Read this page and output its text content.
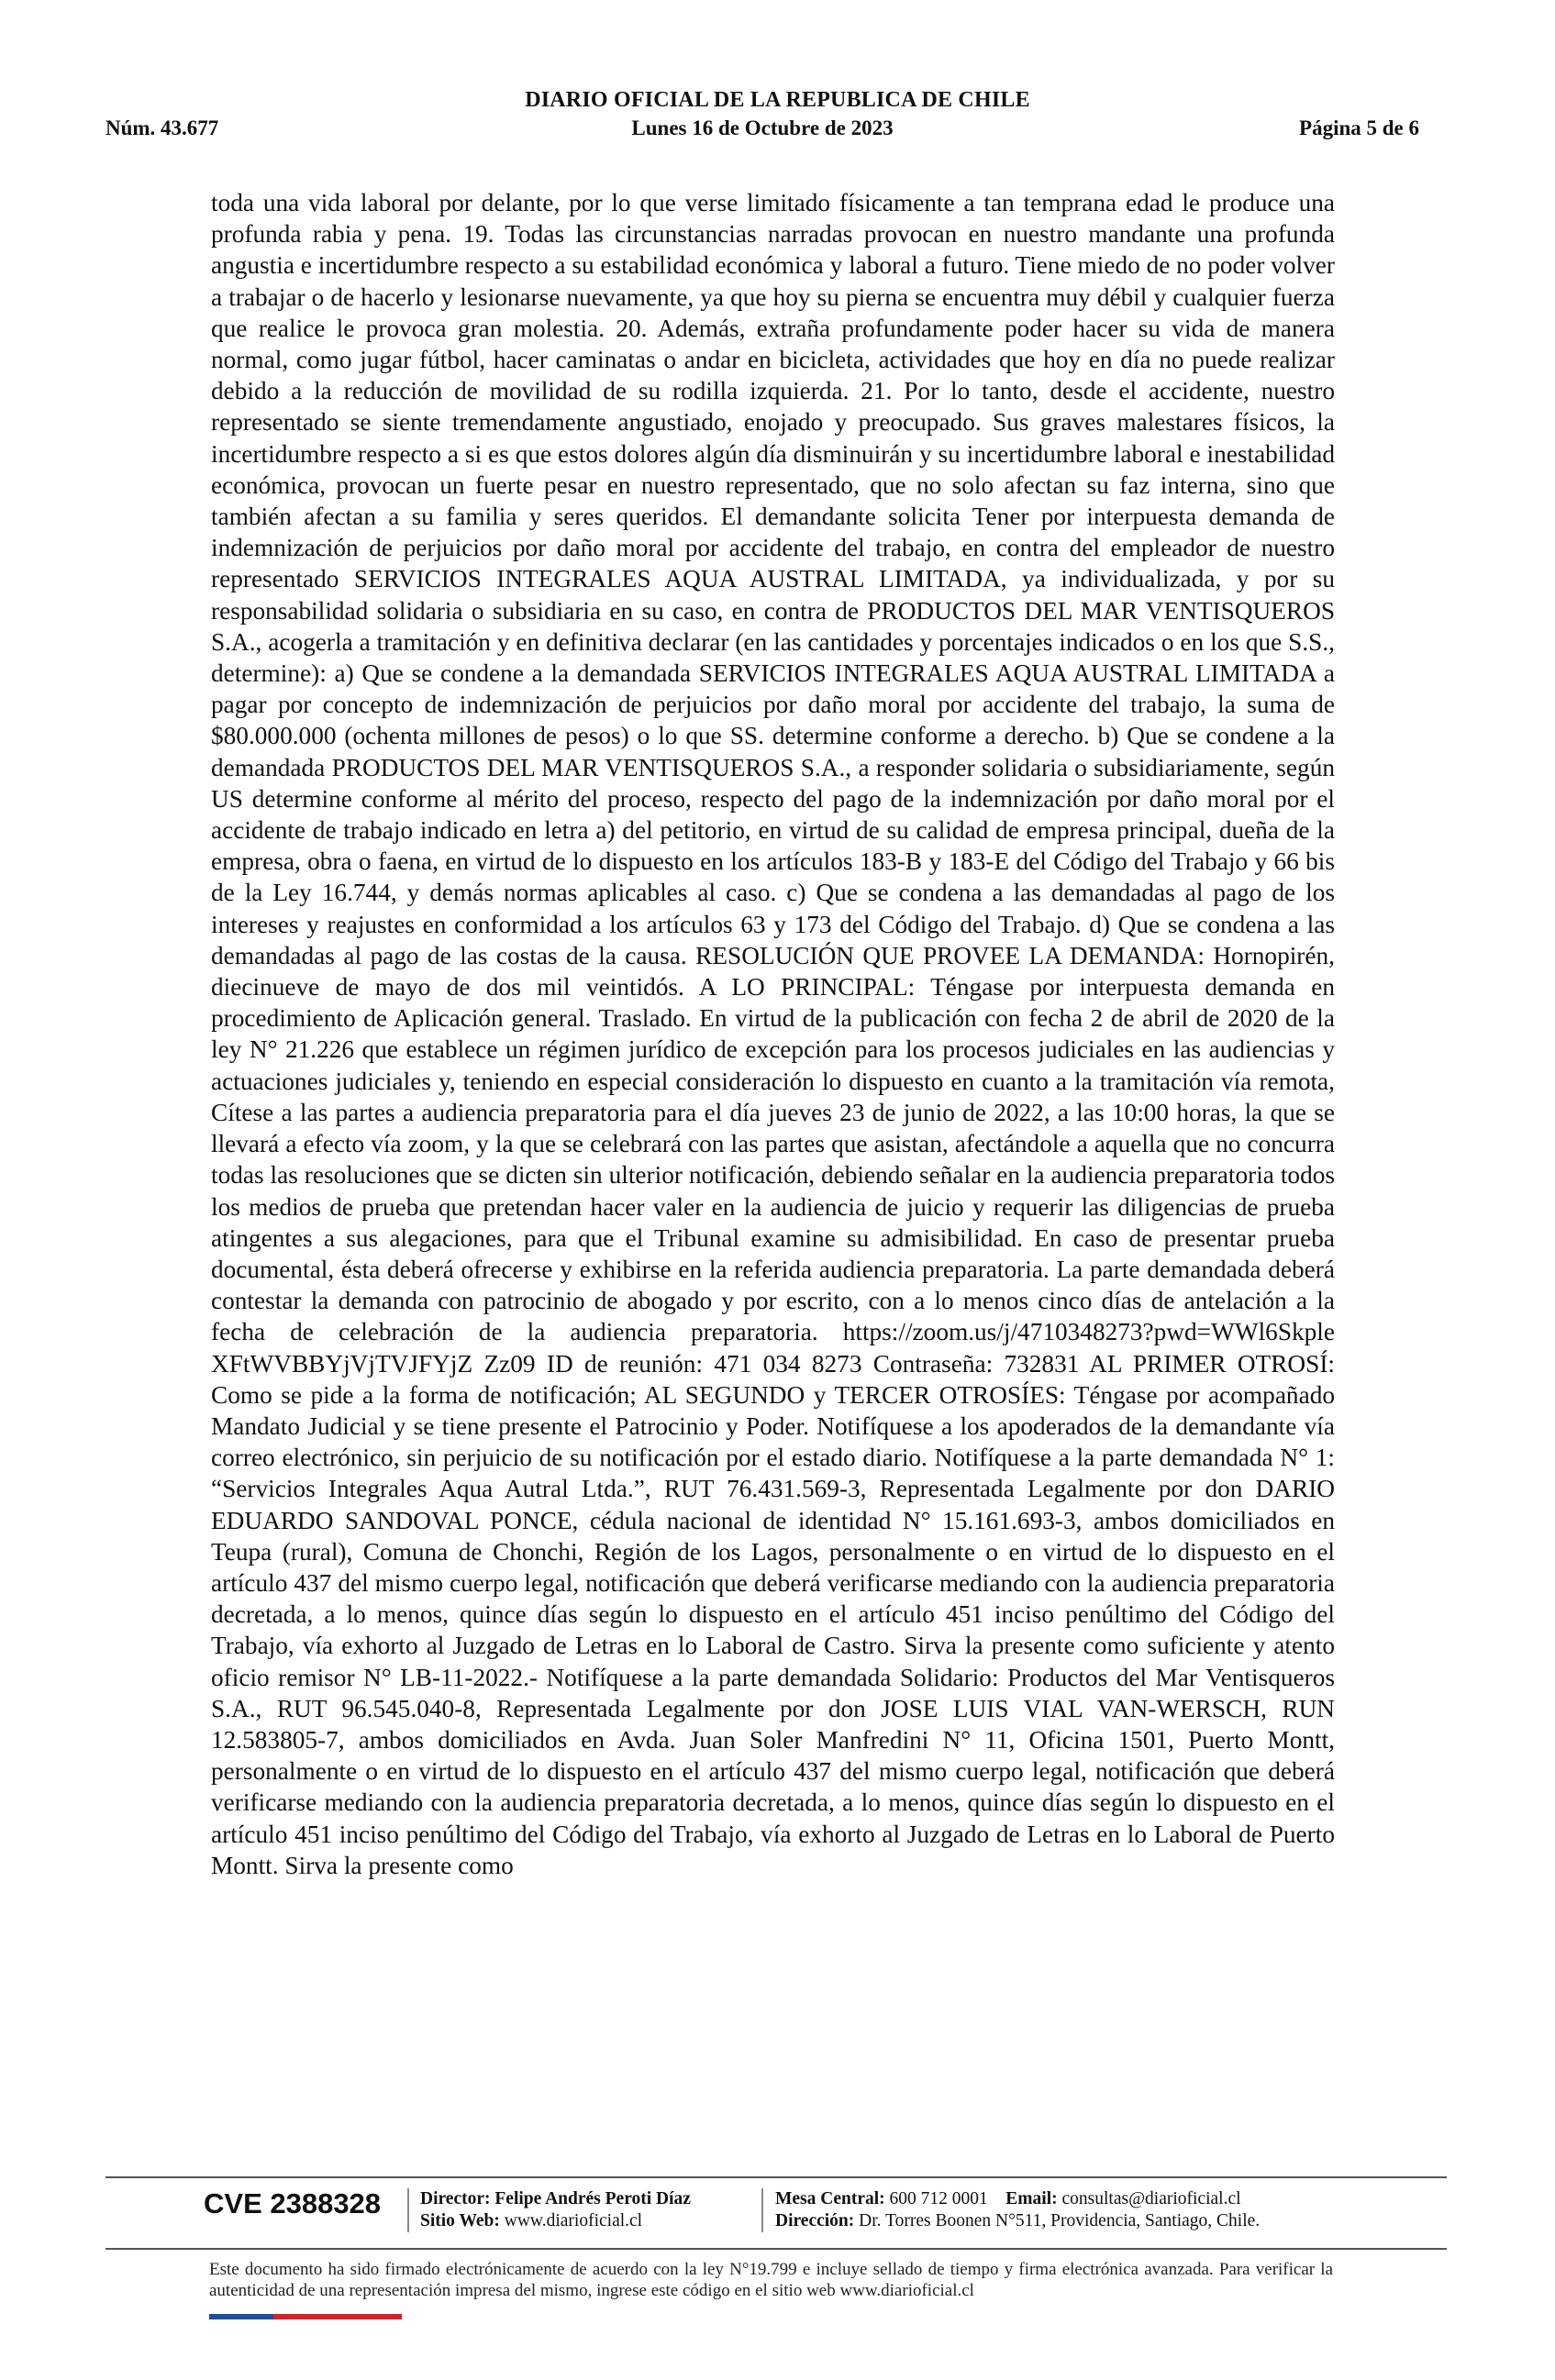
DIARIO OFICIAL DE LA REPUBLICA DE CHILE
Núm. 43.677	Lunes 16 de Octubre de 2023	Página 5 de 6
toda una vida laboral por delante, por lo que verse limitado físicamente a tan temprana edad le produce una profunda rabia y pena. 19. Todas las circunstancias narradas provocan en nuestro mandante una profunda angustia e incertidumbre respecto a su estabilidad económica y laboral a futuro. Tiene miedo de no poder volver a trabajar o de hacerlo y lesionarse nuevamente, ya que hoy su pierna se encuentra muy débil y cualquier fuerza que realice le provoca gran molestia. 20. Además, extraña profundamente poder hacer su vida de manera normal, como jugar fútbol, hacer caminatas o andar en bicicleta, actividades que hoy en día no puede realizar debido a la reducción de movilidad de su rodilla izquierda. 21. Por lo tanto, desde el accidente, nuestro representado se siente tremendamente angustiado, enojado y preocupado. Sus graves malestares físicos, la incertidumbre respecto a si es que estos dolores algún día disminuirán y su incertidumbre laboral e inestabilidad económica, provocan un fuerte pesar en nuestro representado, que no solo afectan su faz interna, sino que también afectan a su familia y seres queridos. El demandante solicita Tener por interpuesta demanda de indemnización de perjuicios por daño moral por accidente del trabajo, en contra del empleador de nuestro representado SERVICIOS INTEGRALES AQUA AUSTRAL LIMITADA, ya individualizada, y por su responsabilidad solidaria o subsidiaria en su caso, en contra de PRODUCTOS DEL MAR VENTISQUEROS S.A., acogerla a tramitación y en definitiva declarar (en las cantidades y porcentajes indicados o en los que S.S., determine): a) Que se condene a la demandada SERVICIOS INTEGRALES AQUA AUSTRAL LIMITADA a pagar por concepto de indemnización de perjuicios por daño moral por accidente del trabajo, la suma de $80.000.000 (ochenta millones de pesos) o lo que SS. determine conforme a derecho. b) Que se condene a la demandada PRODUCTOS DEL MAR VENTISQUEROS S.A., a responder solidaria o subsidiariamente, según US determine conforme al mérito del proceso, respecto del pago de la indemnización por daño moral por el accidente de trabajo indicado en letra a) del petitorio, en virtud de su calidad de empresa principal, dueña de la empresa, obra o faena, en virtud de lo dispuesto en los artículos 183-B y 183-E del Código del Trabajo y 66 bis de la Ley 16.744, y demás normas aplicables al caso. c) Que se condena a las demandadas al pago de los intereses y reajustes en conformidad a los artículos 63 y 173 del Código del Trabajo. d) Que se condena a las demandadas al pago de las costas de la causa. RESOLUCIÓN QUE PROVEE LA DEMANDA: Hornopirén, diecinueve de mayo de dos mil veintidós. A LO PRINCIPAL: Téngase por interpuesta demanda en procedimiento de Aplicación general. Traslado. En virtud de la publicación con fecha 2 de abril de 2020 de la ley N° 21.226 que establece un régimen jurídico de excepción para los procesos judiciales en las audiencias y actuaciones judiciales y, teniendo en especial consideración lo dispuesto en cuanto a la tramitación vía remota, Cítese a las partes a audiencia preparatoria para el día jueves 23 de junio de 2022, a las 10:00 horas, la que se llevará a efecto vía zoom, y la que se celebrará con las partes que asistan, afectándole a aquella que no concurra todas las resoluciones que se dicten sin ulterior notificación, debiendo señalar en la audiencia preparatoria todos los medios de prueba que pretendan hacer valer en la audiencia de juicio y requerir las diligencias de prueba atingentes a sus alegaciones, para que el Tribunal examine su admisibilidad. En caso de presentar prueba documental, ésta deberá ofrecerse y exhibirse en la referida audiencia preparatoria. La parte demandada deberá contestar la demanda con patrocinio de abogado y por escrito, con a lo menos cinco días de antelación a la fecha de celebración de la audiencia preparatoria. https://zoom.us/j/4710348273?pwd=WWl6Skple XFtWVBBYjVjTVJFYjZ Zz09 ID de reunión: 471 034 8273 Contraseña: 732831 AL PRIMER OTROSÍ: Como se pide a la forma de notificación; AL SEGUNDO y TERCER OTROSÍES: Téngase por acompañado Mandato Judicial y se tiene presente el Patrocinio y Poder. Notifíquese a los apoderados de la demandante vía correo electrónico, sin perjuicio de su notificación por el estado diario. Notifíquese a la parte demandada N° 1: “Servicios Integrales Aqua Autral Ltda.”, RUT 76.431.569-3, Representada Legalmente por don DARIO EDUARDO SANDOVAL PONCE, cédula nacional de identidad N° 15.161.693-3, ambos domiciliados en Teupa (rural), Comuna de Chonchi, Región de los Lagos, personalmente o en virtud de lo dispuesto en el artículo 437 del mismo cuerpo legal, notificación que deberá verificarse mediando con la audiencia preparatoria decretada, a lo menos, quince días según lo dispuesto en el artículo 451 inciso penúltimo del Código del Trabajo, vía exhorto al Juzgado de Letras en lo Laboral de Castro. Sirva la presente como suficiente y atento oficio remisor N° LB-11-2022.- Notifíquese a la parte demandada Solidario: Productos del Mar Ventisqueros S.A., RUT 96.545.040-8, Representada Legalmente por don JOSE LUIS VIAL VAN-WERSCH, RUN 12.583805-7, ambos domiciliados en Avda. Juan Soler Manfredini N° 11, Oficina 1501, Puerto Montt, personalmente o en virtud de lo dispuesto en el artículo 437 del mismo cuerpo legal, notificación que deberá verificarse mediando con la audiencia preparatoria decretada, a lo menos, quince días según lo dispuesto en el artículo 451 inciso penúltimo del Código del Trabajo, vía exhorto al Juzgado de Letras en lo Laboral de Puerto Montt. Sirva la presente como
CVE 2388328 Director: Felipe Andrés Peroti Díaz
Sitio Web: www.diarioficial.cl
Mesa Central: 600 712 0001 Email: consultas@diarioficial.cl
Dirección: Dr. Torres Boonen N°511, Providencia, Santiago, Chile.
Este documento ha sido firmado electrónicamente de acuerdo con la ley N°19.799 e incluye sellado de tiempo y firma electrónica avanzada. Para verificar la autenticidad de una representación impresa del mismo, ingrese este código en el sitio web www.diarioficial.cl
